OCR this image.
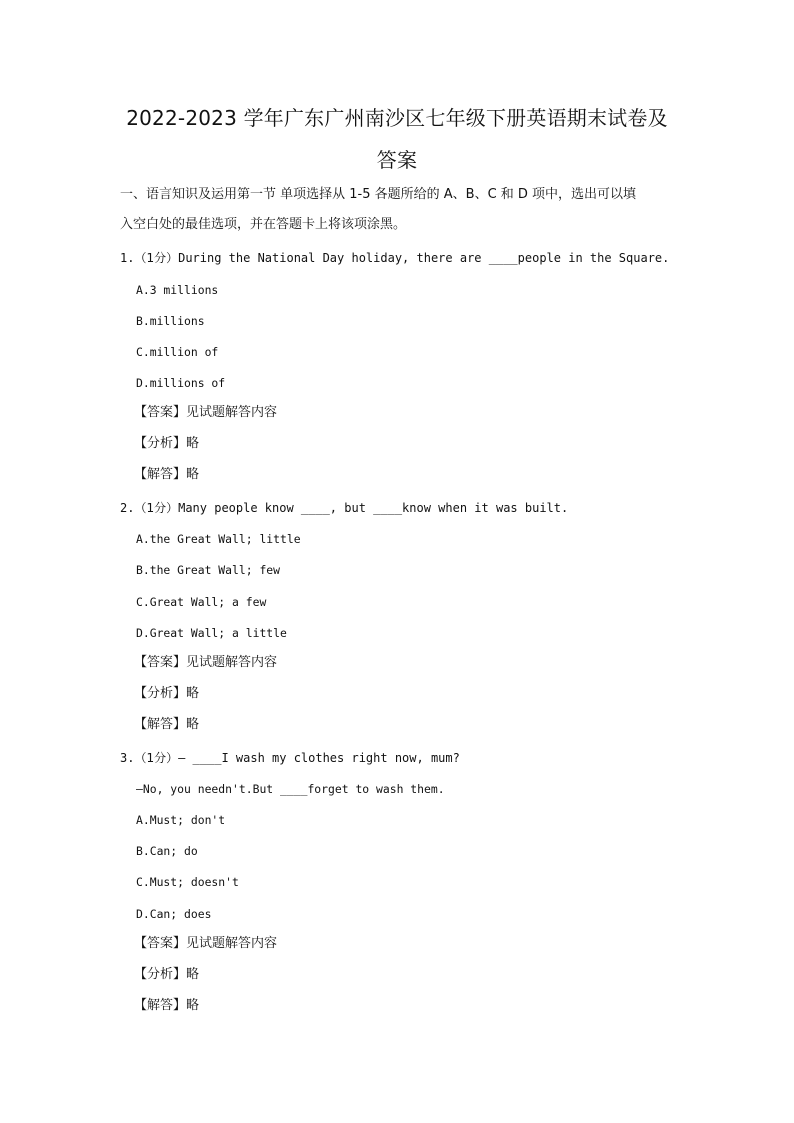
2022-2023 学年广东广州南沙区七年级下册英语期末试卷及
答案
一、语言知识及运用第一节 单项选择从 1-5 各题所给的 A、B、C 和 D 项中，选出可以填
入空白处的最佳选项，并在答题卡上将该项涂黑。
1.（1分）During the National Day holiday, there are ____people in the Square.
A.3 millions
B.millions
C.million of
D.millions of
【答案】见试题解答内容
【分析】略
【解答】略
2.（1分）Many people know ____, but ____know when it was built.
A.the Great Wall; little
B.the Great Wall; few
C.Great Wall; a few
D.Great Wall; a little
【答案】见试题解答内容
【分析】略
【解答】略
3.（1分）— ____I wash my clothes right now, mum?
—No, you needn't.But ____forget to wash them.
A.Must; don't
B.Can; do
C.Must; doesn't
D.Can; does
【答案】见试题解答内容
【分析】略
【解答】略
